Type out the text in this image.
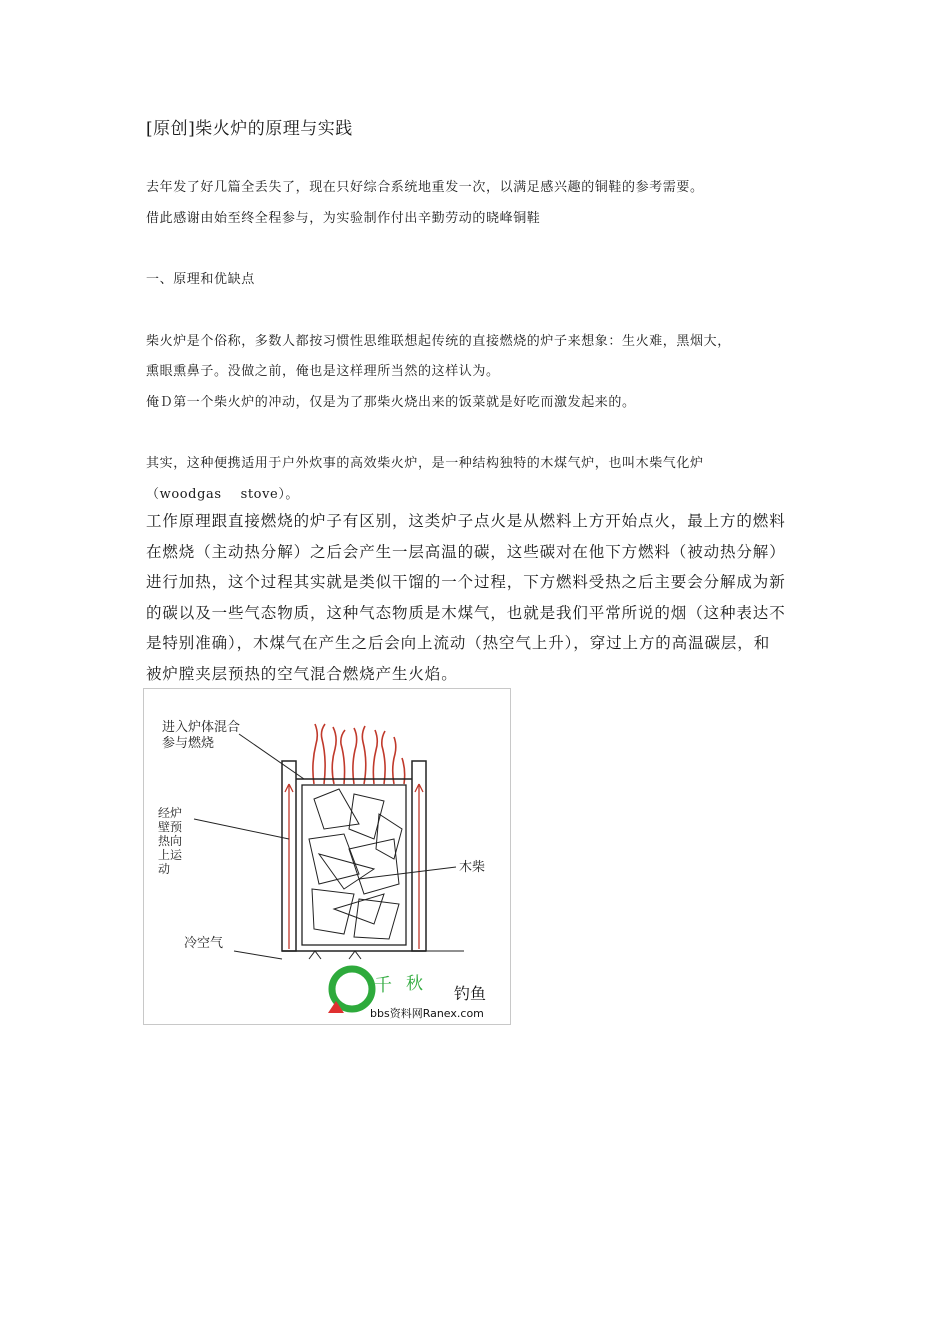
[原创]柴火炉的原理与实践
去年发了好几篇全丢失了，现在只好综合系统地重发一次，以满足感兴趣的铜鞋的参考需要。
借此感谢由始至终全程参与，为实验制作付出辛勤劳动的晓峰铜鞋
一、原理和优缺点
柴火炉是个俗称，多数人都按习惯性思维联想起传统的直接燃烧的炉子来想象：生火难，黑烟大，
熏眼熏鼻子。没做之前，俺也是这样理所当然的这样认为。
俺Ｄ第一个柴火炉的冲动，仅是为了那柴火烧出来的饭菜就是好吃而激发起来的。
其实，这种便携适用于户外炊事的高效柴火炉，是一种结构独特的木煤气炉，也叫木柴气化炉
（woodgas    stove）。
工作原理跟直接燃烧的炉子有区别，这类炉子点火是从燃料上方开始点火，最上方的燃料
在燃烧（主动热分解）之后会产生一层高温的碳，这些碳对在他下方燃料（被动热分解）
进行加热，这个过程其实就是类似干馏的一个过程，下方燃料受热之后主要会分解成为新
的碳以及一些气态物质，这种气态物质是木煤气，也就是我们平常所说的烟（这种表达不
是特别准确），木煤气在产生之后会向上流动（热空气上升），穿过上方的高温碳层，和
被炉膛夹层预热的空气混合燃烧产生火焰。
进入炉体混合
参与燃烧
经炉
壁预
热向
上运
动	木柴
冷空气
千 秋 钓鱼
bbs资料网Ranex.com
